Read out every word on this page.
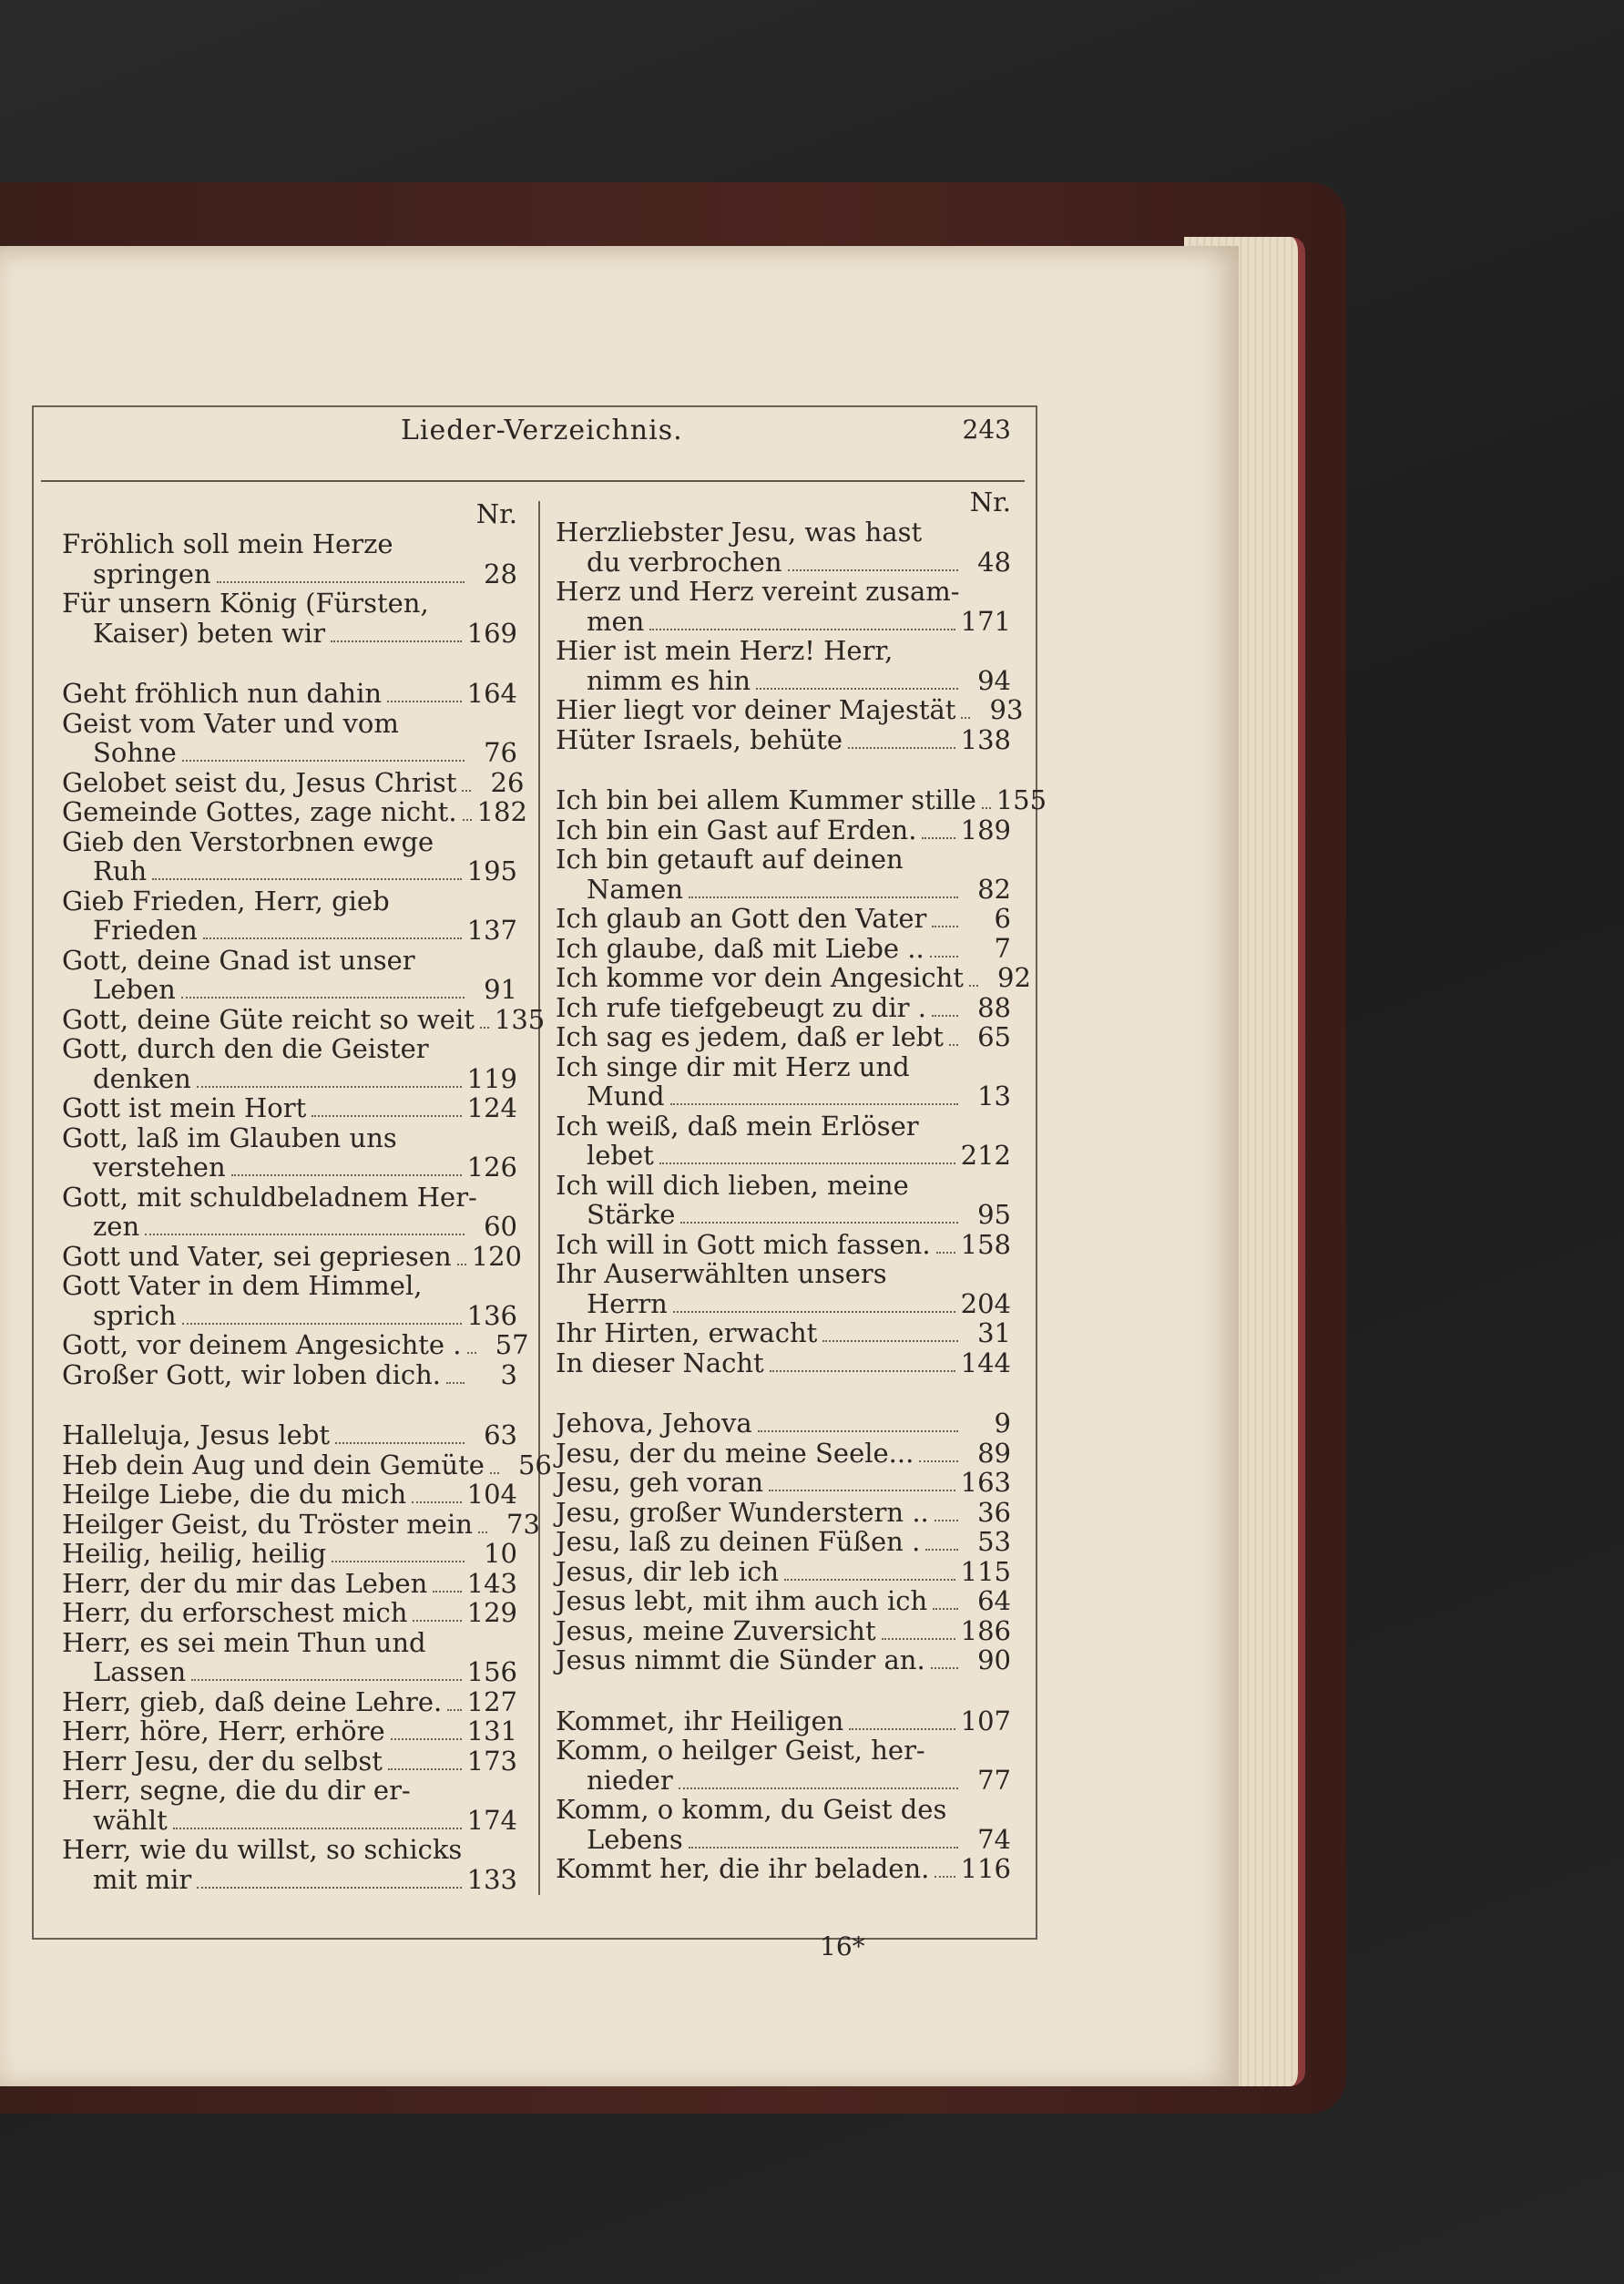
Lieder-Verzeichnis.	243
Nr.
Fröhlich soll mein Herze
springen	28
Für unsern König (Fürsten,
Kaiser) beten wir	169
Geht fröhlich nun dahin	164
Geist vom Vater und vom
Sohne	76
Gelobet seist du, Jesus Christ	26
Gemeinde Gottes, zage nicht. 182
Gieb den Verstorbnen ewge
Ruh	195
Gieb Frieden, Herr, gieb
Frieden	137
Gott, deine Gnad ist unser
Leben	91
Gott, deine Güte reicht so weit 135
Gott, durch den die Geister
denken	119
Gott ist mein Hort	124
Gott, laß im Glauben uns
verstehen	126
Gott, mit schuldbeladnem Her-
zen	60
Gott und Vater, sei gepriesen 120
Gott Vater in dem Himmel,
sprich	136
Gott, vor deinem Angesichte .	57
Großer Gott, wir loben dich.	3
Halleluja, Jesus lebt	63
Heb dein Aug und dein Gemüte	56
Heilge Liebe, die du mich 104
Heilger Geist, du Tröster mein	73
Heilig, heilig, heilig	10
Herr, der du mir das Leben 143
Herr, du erforschest mich 129
Herr, es sei mein Thun und
Lassen	156
Herr, gieb, daß deine Lehre. 127
Herr, höre, Herr, erhöre	131
Herr Jesu, der du selbst	173
Herr, segne, die du dir er-
wählt	174
Herr, wie du willst, so schicks
mit mir	133
Nr.
Herzliebster Jesu, was hast
du verbrochen	48
Herz und Herz vereint zusam-
men	171
Hier ist mein Herz! Herr,
nimm es hin	94
Hier liegt vor deiner Majestät	93
Hüter Israels, behüte	138
Ich bin bei allem Kummer stille 155
Ich bin ein Gast auf Erden. 189
Ich bin getauft auf deinen
Namen	82
Ich glaub an Gott den Vater	6
Ich glaube, daß mit Liebe ..	7
Ich komme vor dein Angesicht	92
Ich rufe tiefgebeugt zu dir .	88
Ich sag es jedem, daß er lebt	65
Ich singe dir mit Herz und
Mund	13
Ich weiß, daß mein Erlöser
lebet	212
Ich will dich lieben, meine
Stärke	95
Ich will in Gott mich fassen. 158
Ihr Auserwählten unsers
Herrn	204
Ihr Hirten, erwacht	31
In dieser Nacht	144
Jehova, Jehova	9
Jesu, der du meine Seele...	89
Jesu, geh voran	163
Jesu, großer Wunderstern ..	36
Jesu, laß zu deinen Füßen .	53
Jesus, dir leb ich	115
Jesus lebt, mit ihm auch ich	64
Jesus, meine Zuversicht	186
Jesus nimmt die Sünder an.	90
Kommet, ihr Heiligen	107
Komm, o heilger Geist, her-
nieder	77
Komm, o komm, du Geist des
Lebens	74
Kommt her, die ihr beladen. 116
16*
